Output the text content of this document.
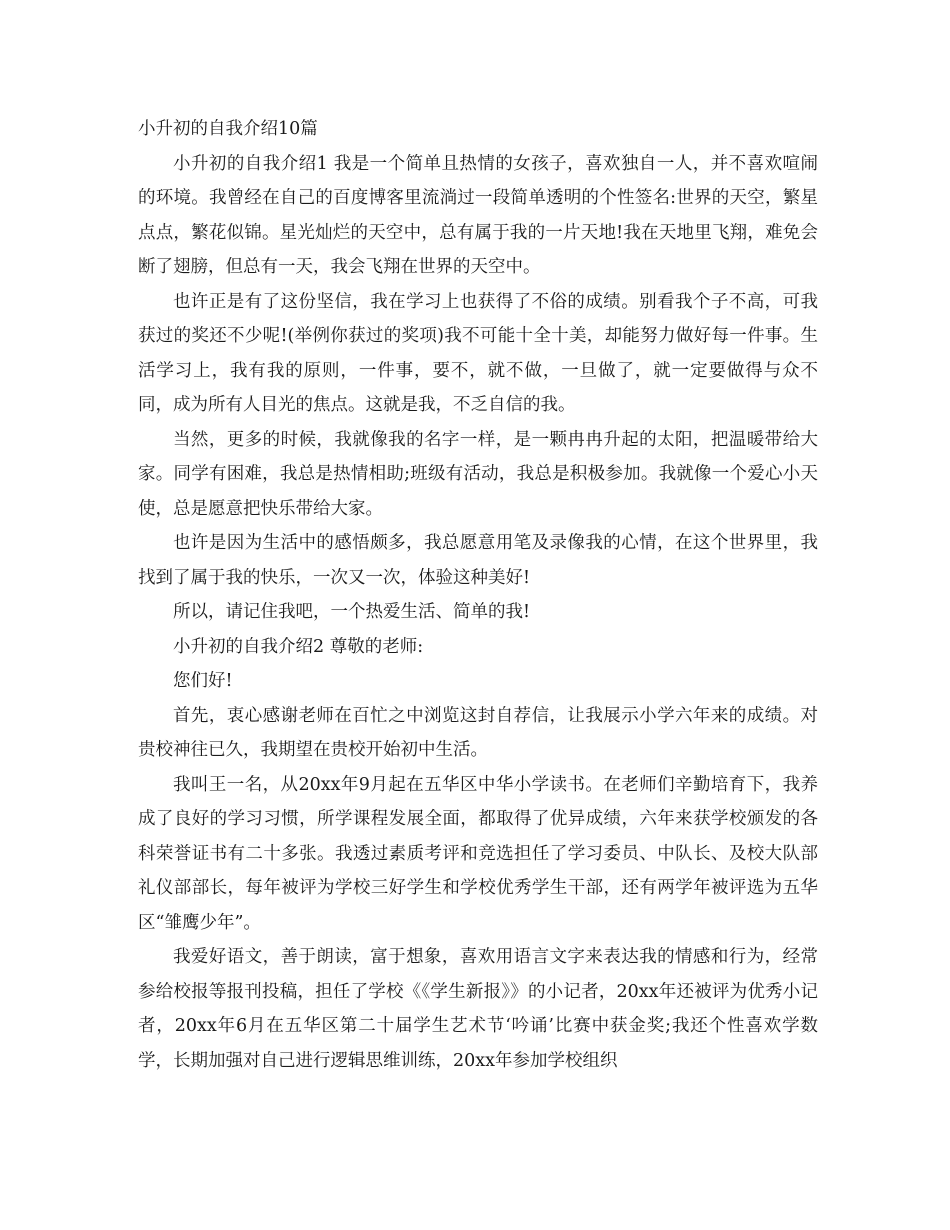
小升初的自我介绍10篇

小升初的自我介绍1 我是一个简单且热情的女孩子，喜欢独自一人，并不喜欢喧闹的环境。我曾经在自己的百度博客里流淌过一段简单透明的个性签名:世界的天空，繁星点点，繁花似锦。星光灿烂的天空中，总有属于我的一片天地!我在天地里飞翔，难免会断了翅膀，但总有一天，我会飞翔在世界的天空中。

也许正是有了这份坚信，我在学习上也获得了不俗的成绩。别看我个子不高，可我获过的奖还不少呢!(举例你获过的奖项)我不可能十全十美，却能努力做好每一件事。生活学习上，我有我的原则，一件事，要不，就不做，一旦做了，就一定要做得与众不同，成为所有人目光的焦点。这就是我，不乏自信的我。

当然，更多的时候，我就像我的名字一样，是一颗冉冉升起的太阳，把温暖带给大家。同学有困难，我总是热情相助;班级有活动，我总是积极参加。我就像一个爱心小天使，总是愿意把快乐带给大家。

也许是因为生活中的感悟颇多，我总愿意用笔及录像我的心情，在这个世界里，我找到了属于我的快乐，一次又一次，体验这种美好!

所以，请记住我吧，一个热爱生活、简单的我!

小升初的自我介绍2 尊敬的老师:

您们好!

首先，衷心感谢老师在百忙之中浏览这封自荐信，让我展示小学六年来的成绩。对贵校神往已久，我期望在贵校开始初中生活。

我叫王一名，从20xx年9月起在五华区中华小学读书。在老师们辛勤培育下，我养成了良好的学习习惯，所学课程发展全面，都取得了优异成绩，六年来获学校颁发的各科荣誉证书有二十多张。我透过素质考评和竞选担任了学习委员、中队长、及校大队部礼仪部部长，每年被评为学校三好学生和学校优秀学生干部，还有两学年被评选为五华区“雏鹰少年”。

我爱好语文，善于朗读，富于想象，喜欢用语言文字来表达我的情感和行为，经常参给校报等报刊投稿，担任了学校《《学生新报》》的小记者，20xx年还被评为优秀小记者，20xx年6月在五华区第二十届学生艺术节‘吟诵’比赛中获金奖;我还个性喜欢学数学，长期加强对自己进行逻辑思维训练，20xx年参加学校组织
